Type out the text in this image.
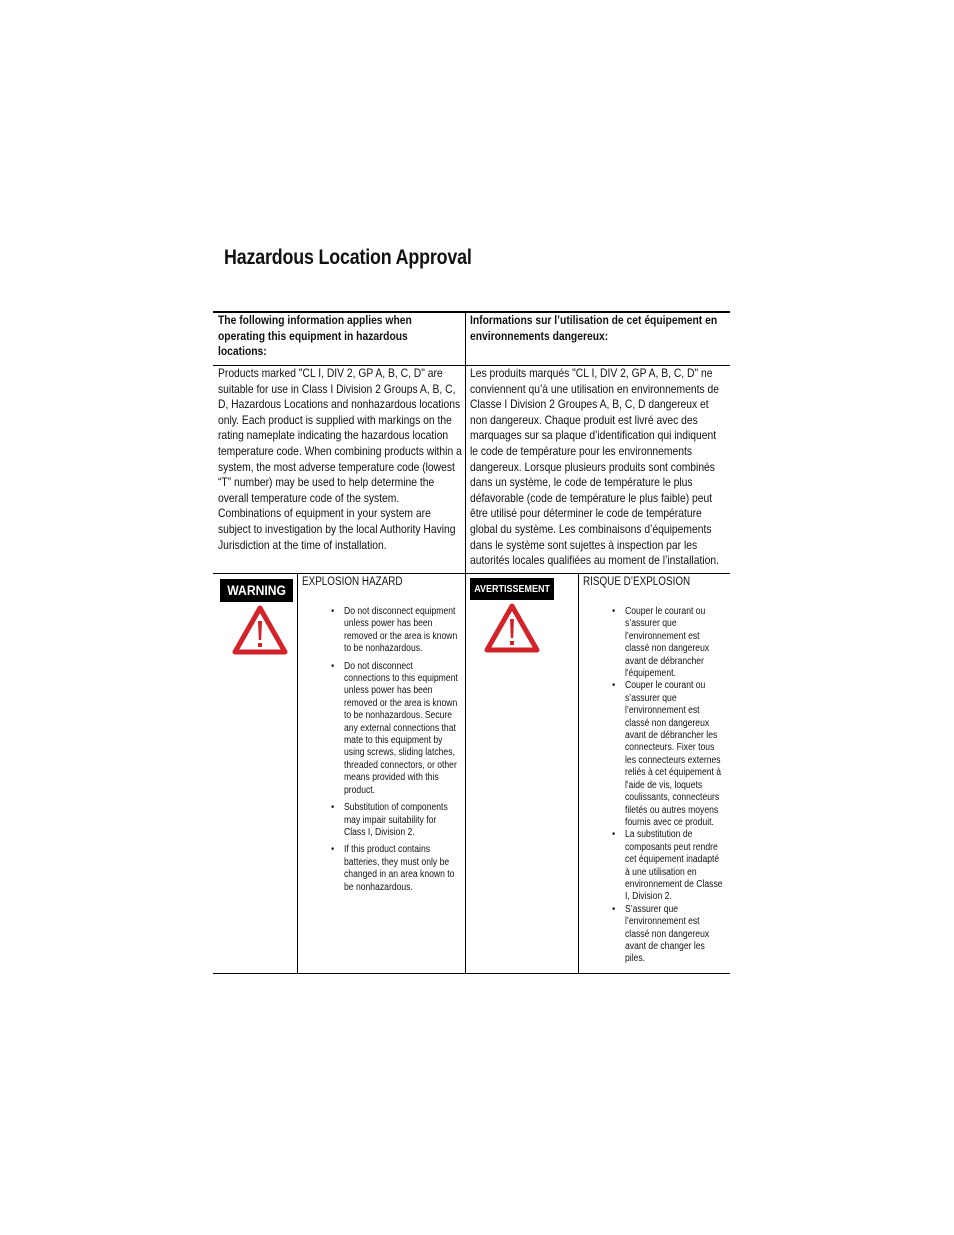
Hazardous Location Approval

The following information applies when operating this equipment in hazardous locations:

Informations sur l’utilisation de cet équipement en environnements dangereux:

Products marked "CL I, DIV 2, GP A, B, C, D" are suitable for use in Class I Division 2 Groups A, B, C, D, Hazardous Locations and nonhazardous locations only. Each product is supplied with markings on the rating nameplate indicating the hazardous location temperature code. When combining products within a system, the most adverse temperature code (lowest “T” number) may be used to help determine the overall temperature code of the system. Combinations of equipment in your system are subject to investigation by the local Authority Having Jurisdiction at the time of installation.

Les produits marqués "CL I, DIV 2, GP A, B, C, D" ne conviennent qu’à une utilisation en environnements de Classe I Division 2 Groupes A, B, C, D dangereux et non dangereux. Chaque produit est livré avec des marquages sur sa plaque d’identification qui indiquent le code de température pour les environnements dangereux. Lorsque plusieurs produits sont combinés dans un système, le code de température le plus défavorable (code de température le plus faible) peut être utilisé pour déterminer le code de température global du système. Les combinaisons d’équipements dans le système sont sujettes à inspection par les autorités locales qualifiées au moment de l’installation.

WARNING

EXPLOSION HAZARD

• Do not disconnect equipment unless power has been removed or the area is known to be nonhazardous.
• Do not disconnect connections to this equipment unless power has been removed or the area is known to be nonhazardous. Secure any external connections that mate to this equipment by using screws, sliding latches, threaded connectors, or other means provided with this product.
• Substitution of components may impair suitability for Class I, Division 2.
• If this product contains batteries, they must only be changed in an area known to be nonhazardous.
AVERTISSEMENT

RISQUE D’EXPLOSION

• Couper le courant ou s’assurer que l’environnement est classé non dangereux avant de débrancher l'équipement.
• Couper le courant ou s’assurer que l’environnement est classé non dangereux avant de débrancher les connecteurs. Fixer tous les connecteurs externes reliés à cet équipement à l'aide de vis, loquets coulissants, connecteurs filetés ou autres moyens fournis avec ce produit.
• La substitution de composants peut rendre cet équipement inadapté à une utilisation en environnement de Classe I, Division 2.
• S’assurer que l’environnement est classé non dangereux avant de changer les piles.
